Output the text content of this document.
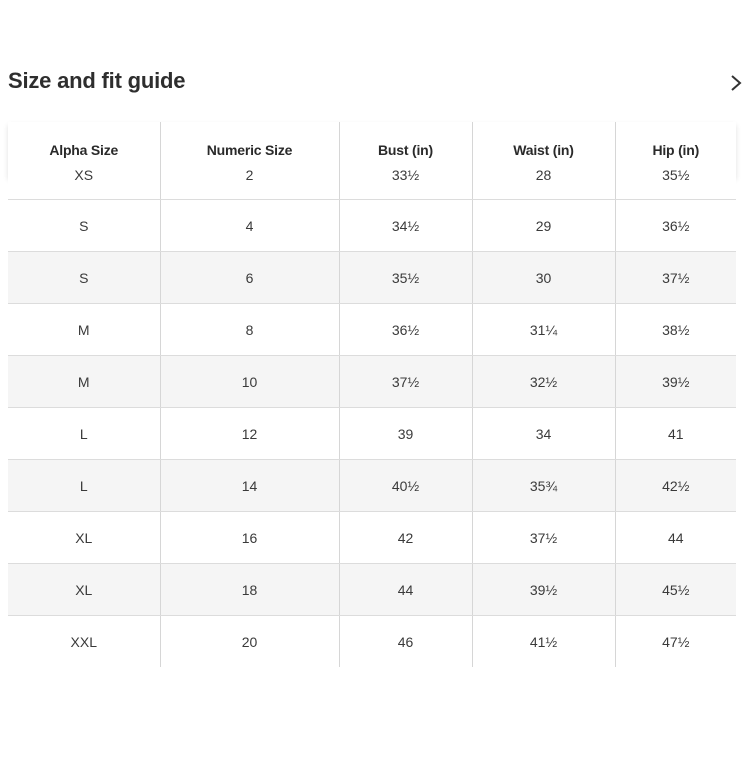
Size and fit guide
Alpha Size	Numeric Size	Bust (in)	Waist (in)	Hip (in)
XS	2	33½	28	35½
S	4	34½	29	36½
S	6	35½	30	37½
M	8	36½	31¼	38½
M	10	37½	32½	39½
L	12	39	34	41
L	14	40½	35¾	42½
XL	16	42	37½	44
XL	18	44	39½	45½
XXL	20	46	41½	47½
